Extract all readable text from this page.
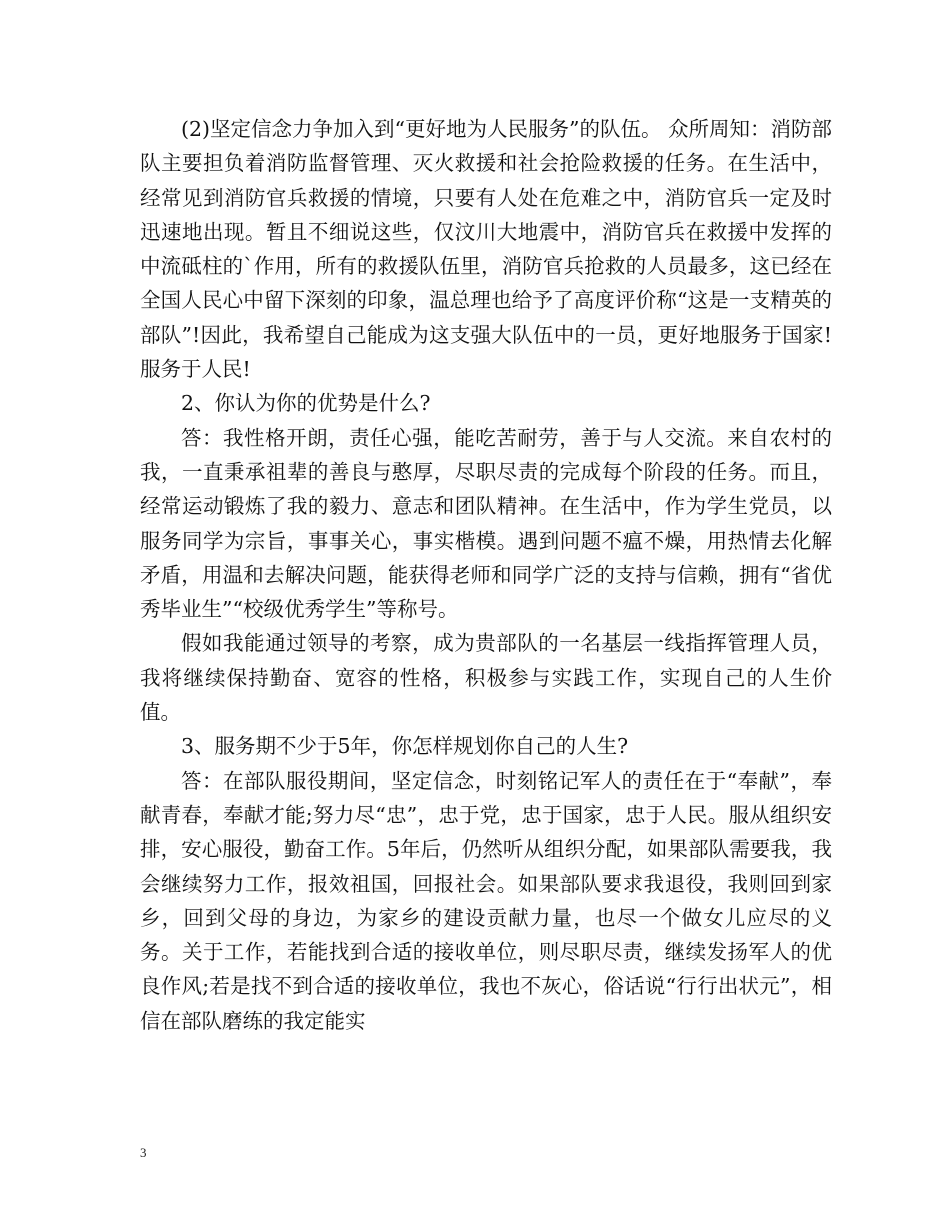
(2)坚定信念力争加入到“更好地为人民服务”的队伍。 众所周知：消防部队主要担负着消防监督管理、灭火救援和社会抢险救援的任务。在生活中，经常见到消防官兵救援的情境，只要有人处在危难之中，消防官兵一定及时迅速地出现。暂且不细说这些，仅汶川大地震中，消防官兵在救援中发挥的中流砥柱的`作用，所有的救援队伍里，消防官兵抢救的人员最多，这已经在全国人民心中留下深刻的印象，温总理也给予了高度评价称“这是一支精英的部队”!因此，我希望自己能成为这支强大队伍中的一员，更好地服务于国家!服务于人民!

2、你认为你的优势是什么?

答：我性格开朗，责任心强，能吃苦耐劳，善于与人交流。来自农村的我，一直秉承祖辈的善良与憨厚，尽职尽责的完成每个阶段的任务。而且，经常运动锻炼了我的毅力、意志和团队精神。在生活中，作为学生党员，以服务同学为宗旨，事事关心，事实楷模。遇到问题不瘟不燥，用热情去化解矛盾，用温和去解决问题，能获得老师和同学广泛的支持与信赖，拥有“省优秀毕业生”“校级优秀学生”等称号。

假如我能通过领导的考察，成为贵部队的一名基层一线指挥管理人员，我将继续保持勤奋、宽容的性格，积极参与实践工作，实现自己的人生价值。

3、服务期不少于5年，你怎样规划你自己的人生?

答：在部队服役期间，坚定信念，时刻铭记军人的责任在于“奉献”，奉献青春，奉献才能;努力尽“忠”，忠于党，忠于国家，忠于人民。服从组织安排，安心服役，勤奋工作。5年后，仍然听从组织分配，如果部队需要我，我会继续努力工作，报效祖国，回报社会。如果部队要求我退役，我则回到家乡，回到父母的身边，为家乡的建设贡献力量，也尽一个做女儿应尽的义务。关于工作，若能找到合适的接收单位，则尽职尽责，继续发扬军人的优良作风;若是找不到合适的接收单位，我也不灰心，俗话说“行行出状元”，相信在部队磨练的我定能实

3
